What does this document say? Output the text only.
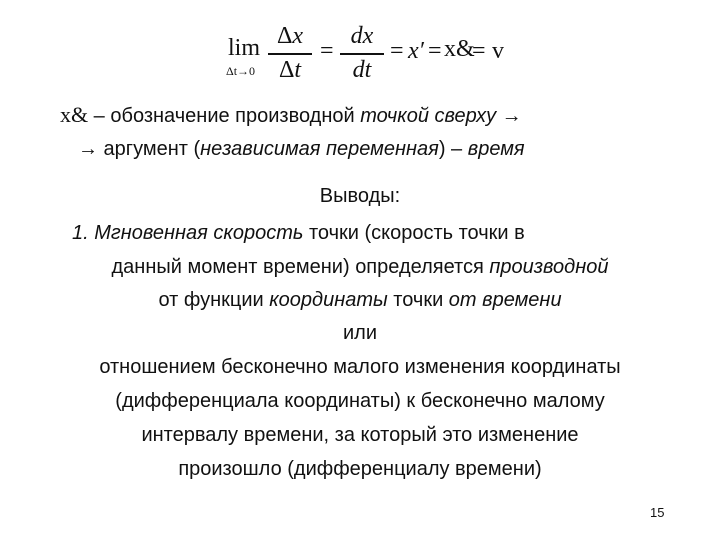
lim
Δt→0
Δx
Δt
=
dx
dt
= x′ = x&
= v
x& – обозначение производной точкой сверху →
→ аргумент (независимая переменная) – время
Выводы:
1. Мгновенная скорость точки (скорость точки в
данный момент времени) определяется производной
от функции координаты точки от времени
или
отношением бесконечно малого изменения координаты
(дифференциала координаты) к бесконечно малому
интервалу времени, за который это изменение
произошло (дифференциалу времени)
15
